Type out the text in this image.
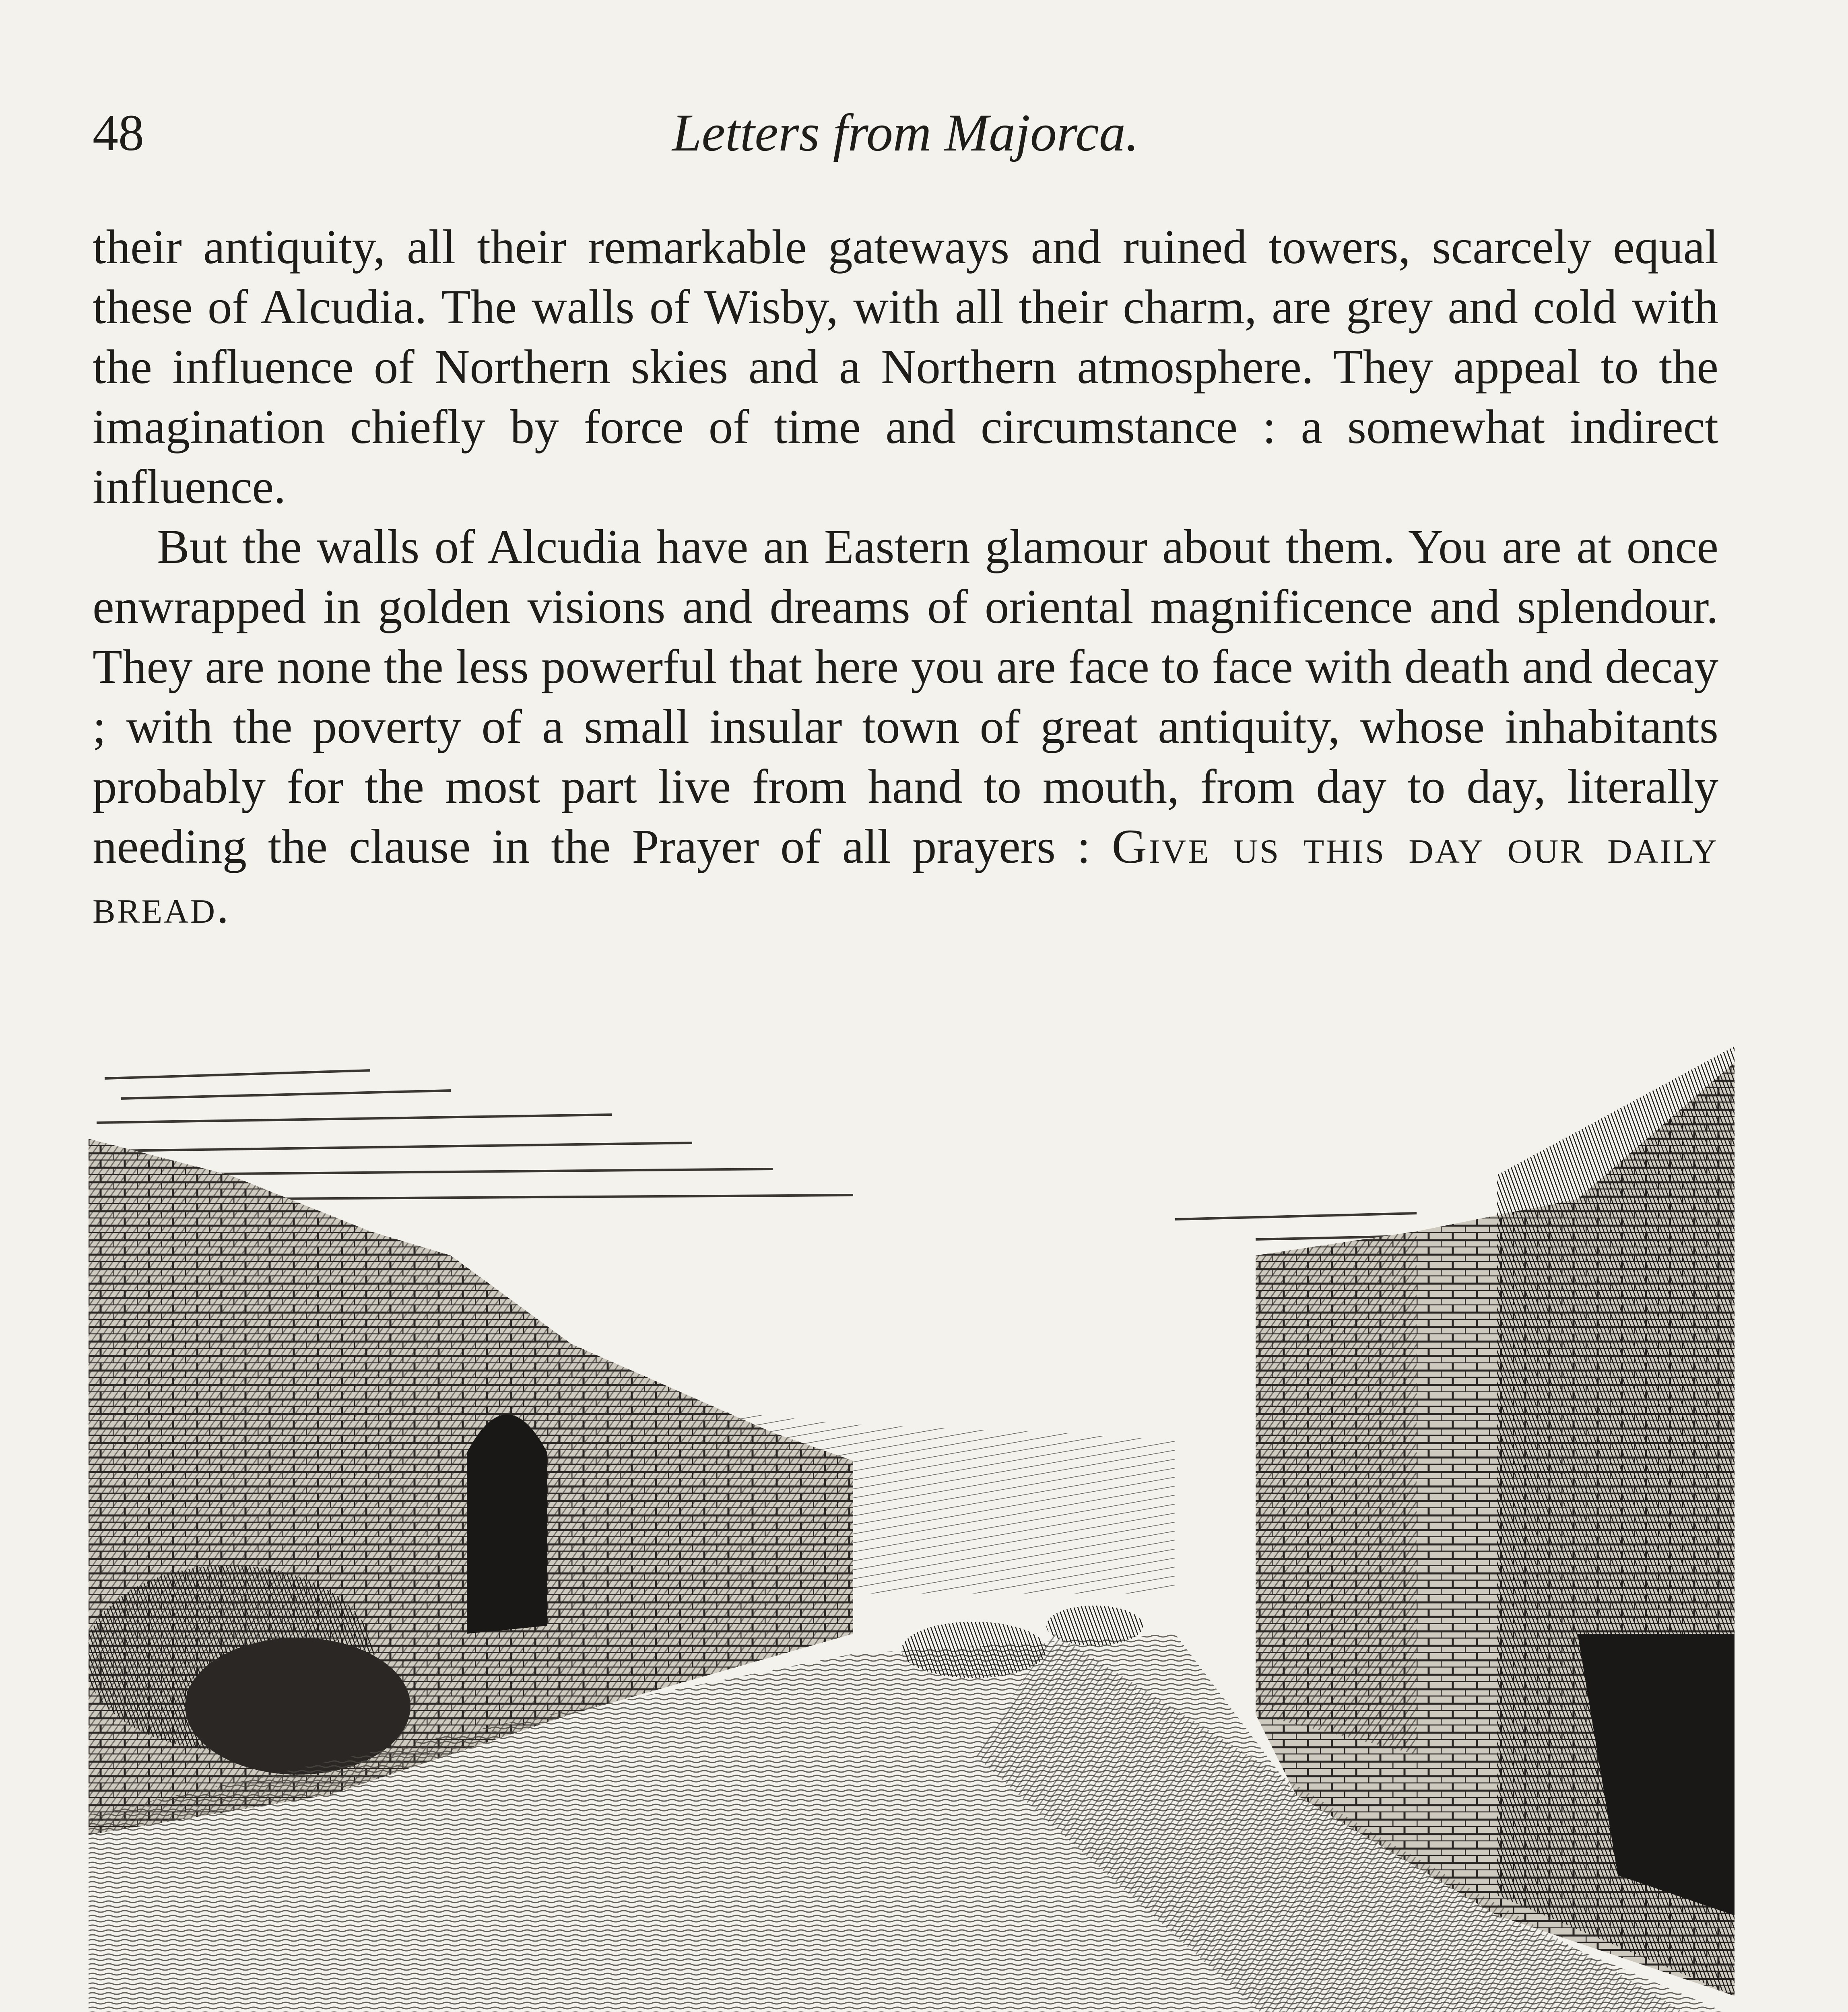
48	Letters from Majorca.

their antiquity, all their remarkable gateways and ruined towers, scarcely equal these of Alcudia. The walls of Wisby, with all their charm, are grey and cold with the influence of Northern skies and a Northern atmosphere. They appeal to the imagination chiefly by force of time and circumstance : a somewhat indirect influence.

But the walls of Alcudia have an Eastern glamour about them. You are at once enwrapped in golden visions and dreams of oriental magnificence and splendour. They are none the less powerful that here you are face to face with death and decay ; with the poverty of a small insular town of great antiquity, whose inhabitants probably for the most part live from hand to mouth, from day to day, literally needing the clause in the Prayer of all prayers : Give us this day our daily bread.
